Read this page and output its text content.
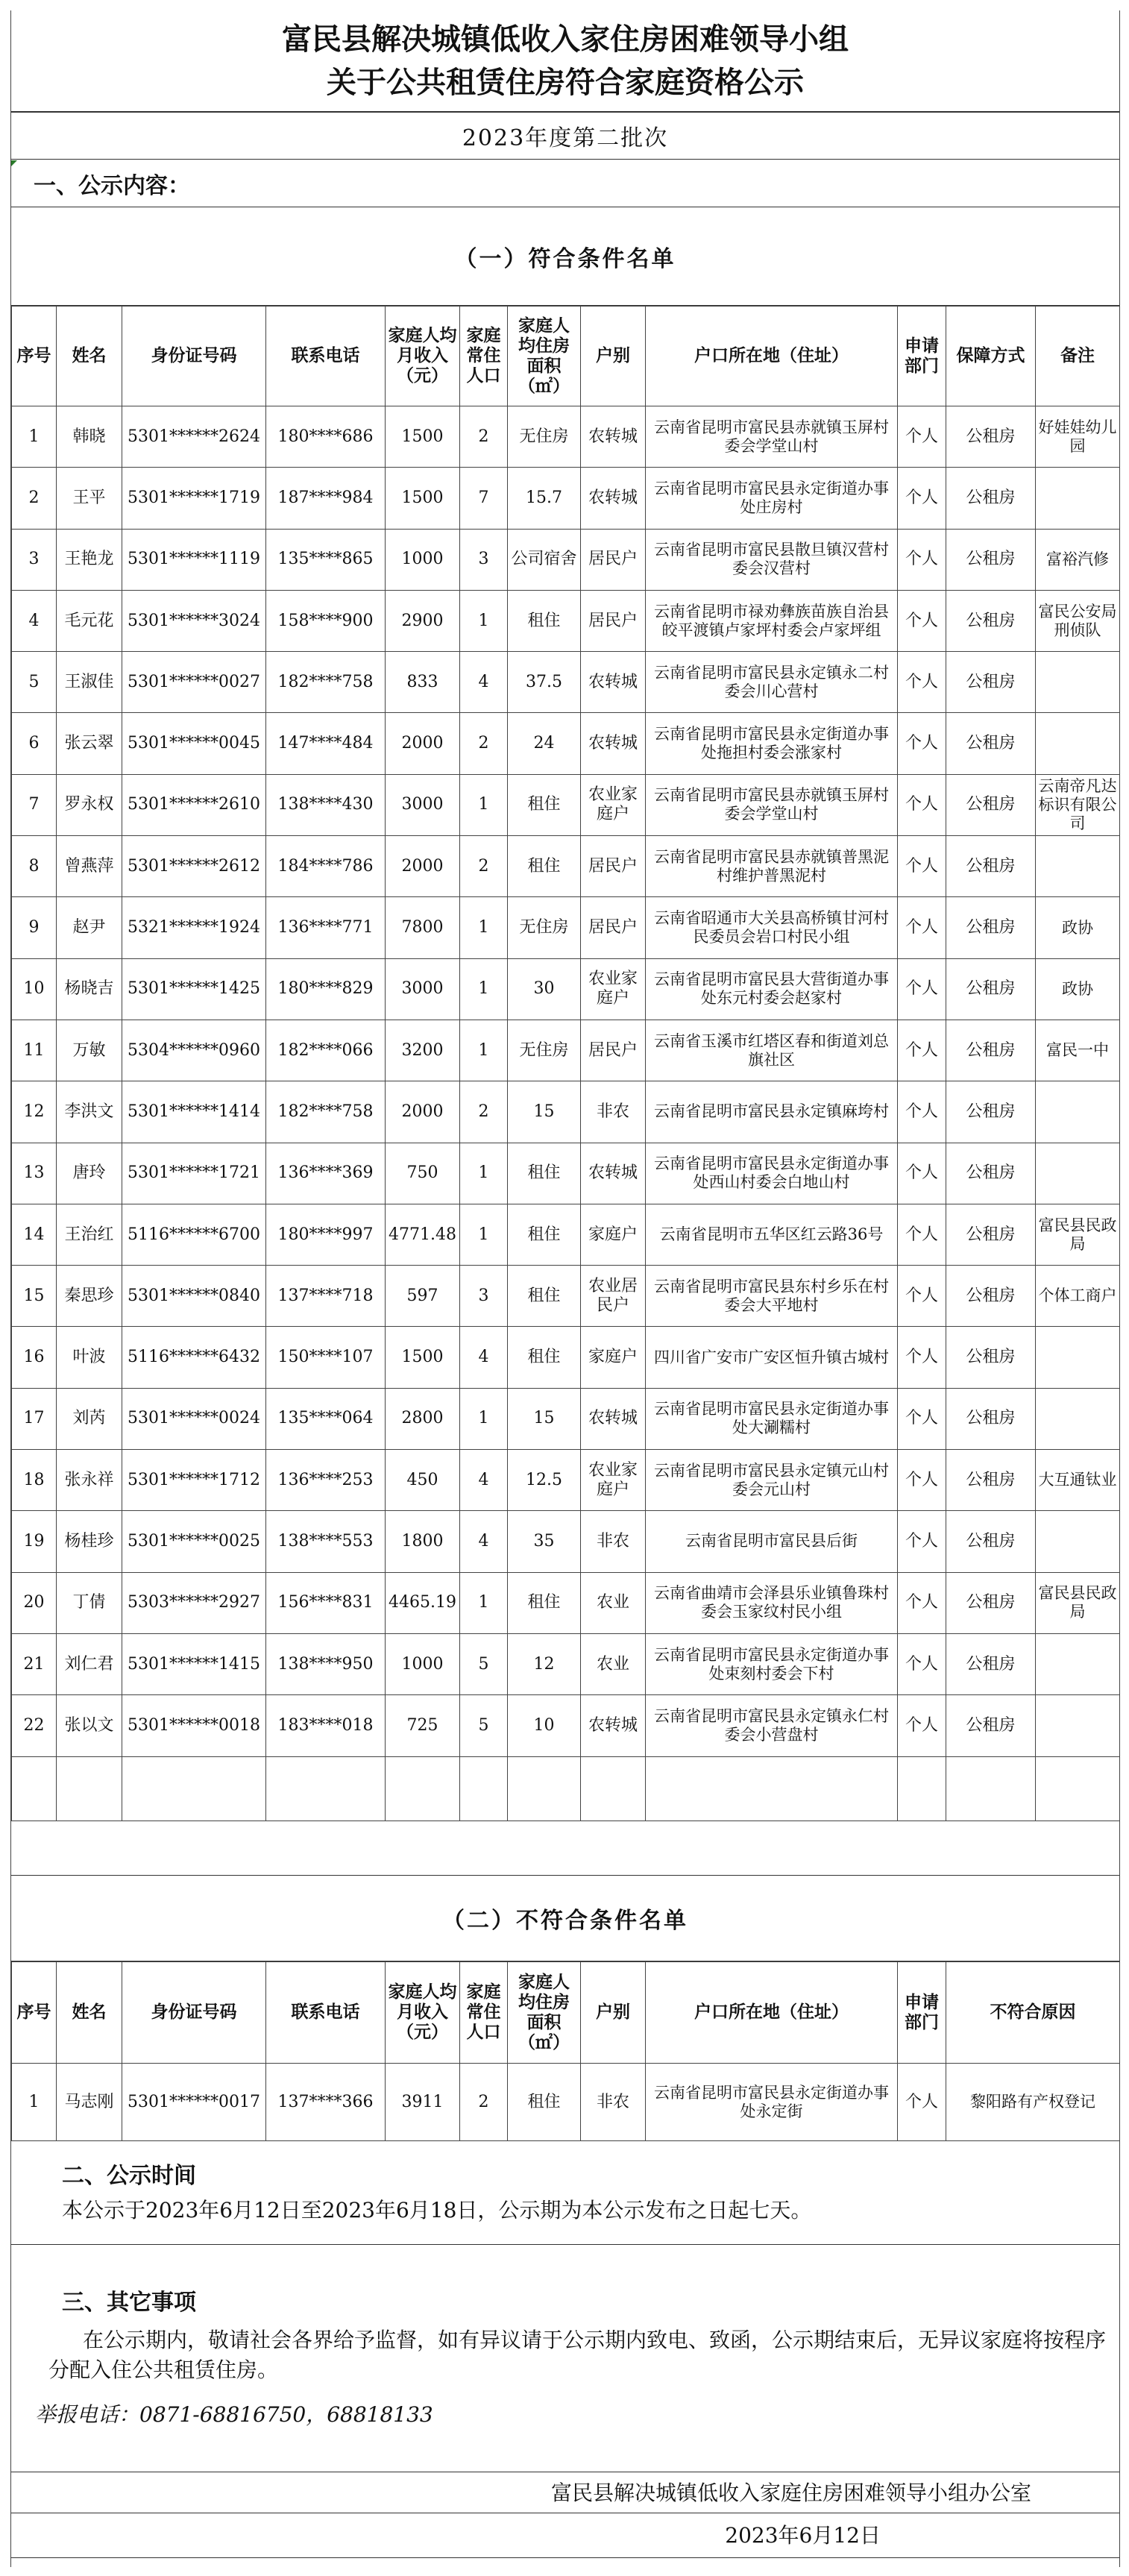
富民县解决城镇低收入家住房困难领导小组
关于公共租赁住房符合家庭资格公示
2023年度第二批次
一、公示内容：
（一）符合条件名单
序号	姓名	身份证号码	联系电话	家庭人均月收入（元）	家庭常住人口	家庭人均住房面积（㎡）	户别	户口所在地（住址）	申请部门	保障方式	备注
1	韩晓	5301******2624	180****686	1500	2	无住房	农转城	云南省昆明市富民县赤就镇玉屏村委会学堂山村	个人	公租房	好娃娃幼儿园
2	王平	5301******1719	187****984	1500	7	15.7	农转城	云南省昆明市富民县永定街道办事处庄房村	个人	公租房	
3	王艳龙	5301******1119	135****865	1000	3	公司宿舍	居民户	云南省昆明市富民县散旦镇汉营村委会汉营村	个人	公租房	富裕汽修
4	毛元花	5301******3024	158****900	2900	1	租住	居民户	云南省昆明市禄劝彝族苗族自治县皎平渡镇卢家坪村委会卢家坪组	个人	公租房	富民公安局刑侦队
5	王淑佳	5301******0027	182****758	833	4	37.5	农转城	云南省昆明市富民县永定镇永二村委会川心营村	个人	公租房	
6	张云翠	5301******0045	147****484	2000	2	24	农转城	云南省昆明市富民县永定街道办事处拖担村委会涨家村	个人	公租房	
7	罗永权	5301******2610	138****430	3000	1	租住	农业家庭户	云南省昆明市富民县赤就镇玉屏村委会学堂山村	个人	公租房	云南帝凡达标识有限公司
8	曾燕萍	5301******2612	184****786	2000	2	租住	居民户	云南省昆明市富民县赤就镇普黑泥村维护普黑泥村	个人	公租房	
9	赵尹	5321******1924	136****771	7800	1	无住房	居民户	云南省昭通市大关县高桥镇甘河村民委员会岩口村民小组	个人	公租房	政协
10	杨晓吉	5301******1425	180****829	3000	1	30	农业家庭户	云南省昆明市富民县大营街道办事处东元村委会赵家村	个人	公租房	政协
11	万敏	5304******0960	182****066	3200	1	无住房	居民户	云南省玉溪市红塔区春和街道刘总旗社区	个人	公租房	富民一中
12	李洪文	5301******1414	182****758	2000	2	15	非农	云南省昆明市富民县永定镇麻垮村	个人	公租房	
13	唐玲	5301******1721	136****369	750	1	租住	农转城	云南省昆明市富民县永定街道办事处西山村委会白地山村	个人	公租房	
14	王治红	5116******6700	180****997	4771.48	1	租住	家庭户	云南省昆明市五华区红云路36号	个人	公租房	富民县民政局
15	秦思珍	5301******0840	137****718	597	3	租住	农业居民户	云南省昆明市富民县东村乡乐在村委会大平地村	个人	公租房	个体工商户
16	叶波	5116******6432	150****107	1500	4	租住	家庭户	四川省广安市广安区恒升镇古城村	个人	公租房	
17	刘芮	5301******0024	135****064	2800	1	15	农转城	云南省昆明市富民县永定街道办事处大涮糯村	个人	公租房	
18	张永祥	5301******1712	136****253	450	4	12.5	农业家庭户	云南省昆明市富民县永定镇元山村委会元山村	个人	公租房	大互通钛业
19	杨桂珍	5301******0025	138****553	1800	4	35	非农	云南省昆明市富民县后街	个人	公租房	
20	丁倩	5303******2927	156****831	4465.19	1	租住	农业	云南省曲靖市会泽县乐业镇鲁珠村委会玉家纹村民小组	个人	公租房	富民县民政局
21	刘仁君	5301******1415	138****950	1000	5	12	农业	云南省昆明市富民县永定街道办事处束刻村委会下村	个人	公租房	
22	张以文	5301******0018	183****018	725	5	10	农转城	云南省昆明市富民县永定镇永仁村委会小营盘村	个人	公租房	

（二）不符合条件名单
序号	姓名	身份证号码	联系电话	家庭人均月收入（元）	家庭常住人口	家庭人均住房面积（㎡）	户别	户口所在地（住址）	申请部门	不符合原因
1	马志刚	5301******0017	137****366	3911	2	租住	非农	云南省昆明市富民县永定街道办事处永定街	个人	黎阳路有产权登记
二、公示时间
本公示于2023年6月12日至2023年6月18日，公示期为本公示发布之日起七天。
三、其它事项
在公示期内，敬请社会各界给予监督，如有异议请于公示期内致电、致函，公示期结束后，无异议家庭将按程序分配入住公共租赁住房。
举报电话：0871-68816750，68818133
富民县解决城镇低收入家庭住房困难领导小组办公室
2023年6月12日
